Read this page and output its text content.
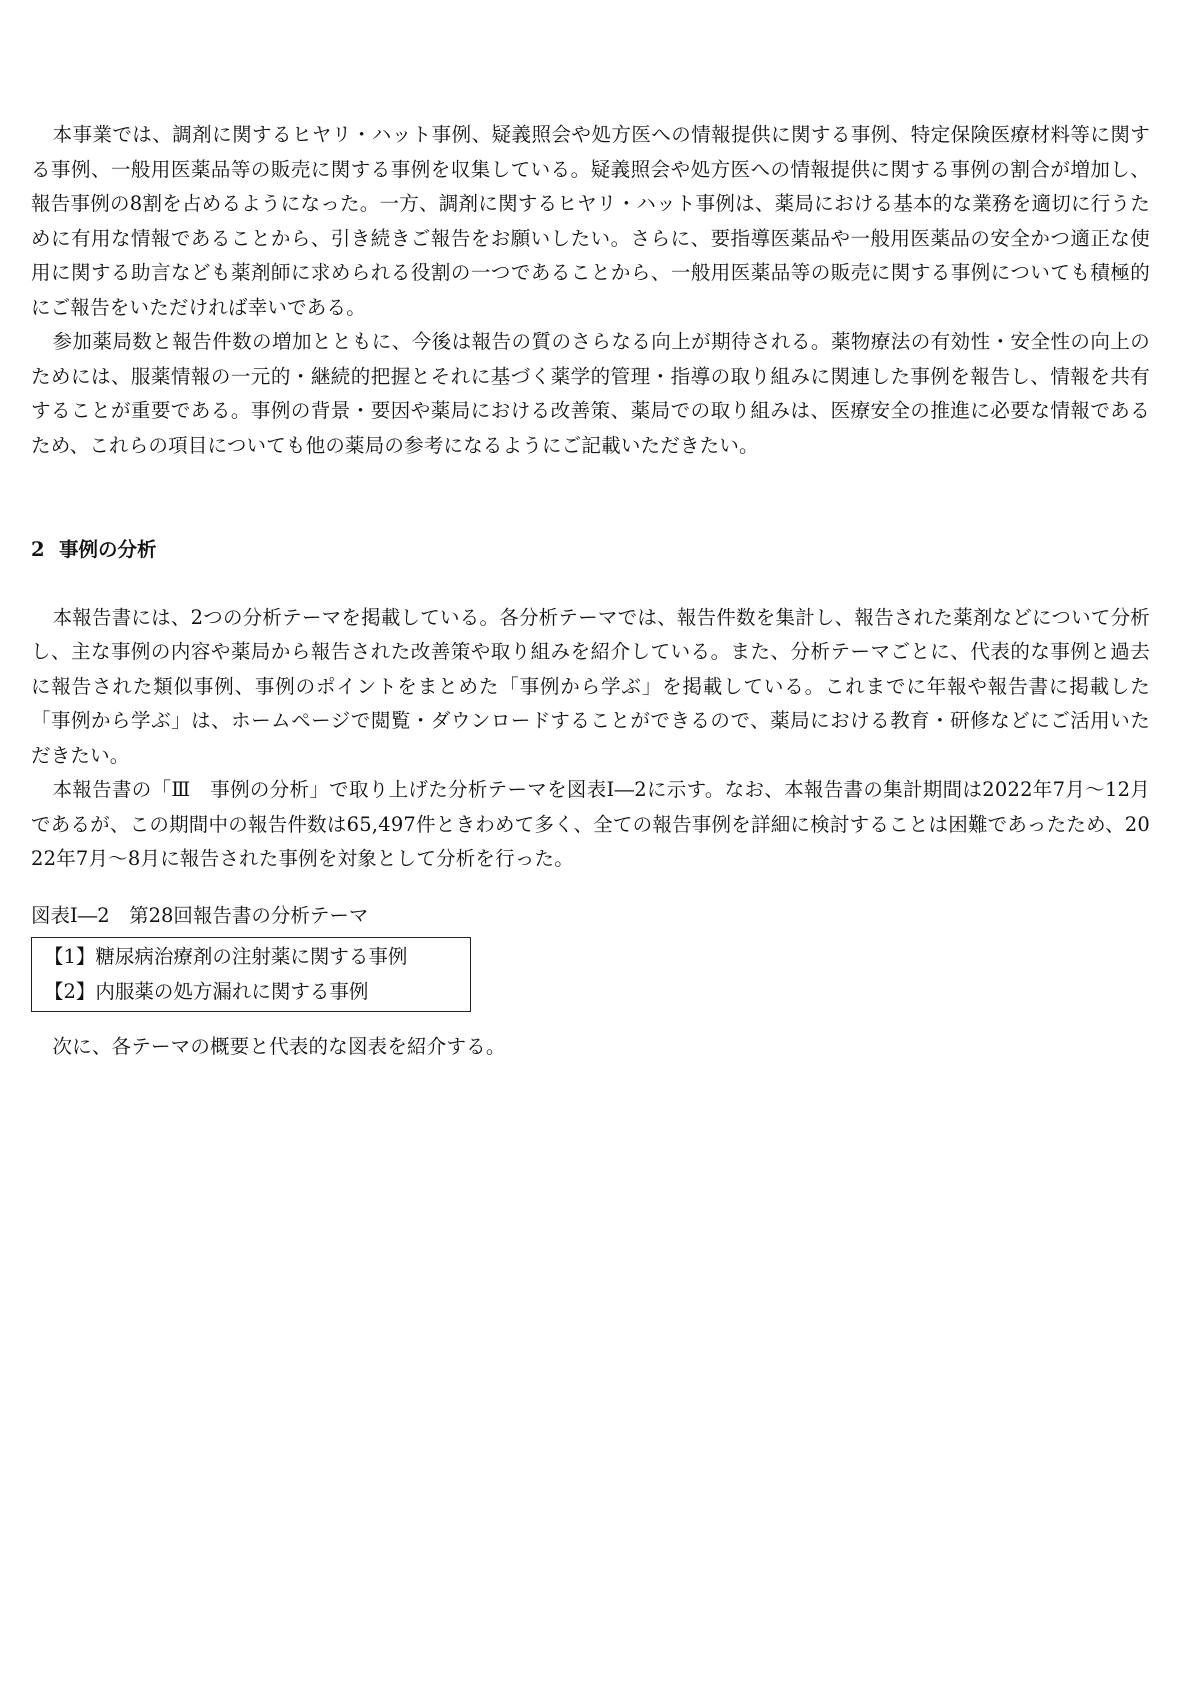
本事業では、調剤に関するヒヤリ・ハット事例、疑義照会や処方医への情報提供に関する事例、特定保険医療材料等に関する事例、一般用医薬品等の販売に関する事例を収集している。疑義照会や処方医への情報提供に関する事例の割合が増加し、報告事例の8割を占めるようになった。一方、調剤に関するヒヤリ・ハット事例は、薬局における基本的な業務を適切に行うために有用な情報であることから、引き続きご報告をお願いしたい。さらに、要指導医薬品や一般用医薬品の安全かつ適正な使用に関する助言なども薬剤師に求められる役割の一つであることから、一般用医薬品等の販売に関する事例についても積極的にご報告をいただければ幸いである。

参加薬局数と報告件数の増加とともに、今後は報告の質のさらなる向上が期待される。薬物療法の有効性・安全性の向上のためには、服薬情報の一元的・継続的把握とそれに基づく薬学的管理・指導の取り組みに関連した事例を報告し、情報を共有することが重要である。事例の背景・要因や薬局における改善策、薬局での取り組みは、医療安全の推進に必要な情報であるため、これらの項目についても他の薬局の参考になるようにご記載いただきたい。

2 事例の分析

本報告書には、2つの分析テーマを掲載している。各分析テーマでは、報告件数を集計し、報告された薬剤などについて分析し、主な事例の内容や薬局から報告された改善策や取り組みを紹介している。また、分析テーマごとに、代表的な事例と過去に報告された類似事例、事例のポイントをまとめた「事例から学ぶ」を掲載している。これまでに年報や報告書に掲載した「事例から学ぶ」は、ホームページで閲覧・ダウンロードすることができるので、薬局における教育・研修などにご活用いただきたい。

本報告書の「Ⅲ　事例の分析」で取り上げた分析テーマを図表Ⅰ―2に示す。なお、本報告書の集計期間は2022年7月～12月であるが、この期間中の報告件数は65,497件ときわめて多く、全ての報告事例を詳細に検討することは困難であったため、2022年7月～8月に報告された事例を対象として分析を行った。

図表Ⅰ―2　第28回報告書の分析テーマ

【1】糖尿病治療剤の注射薬に関する事例
【2】内服薬の処方漏れに関する事例

次に、各テーマの概要と代表的な図表を紹介する。
